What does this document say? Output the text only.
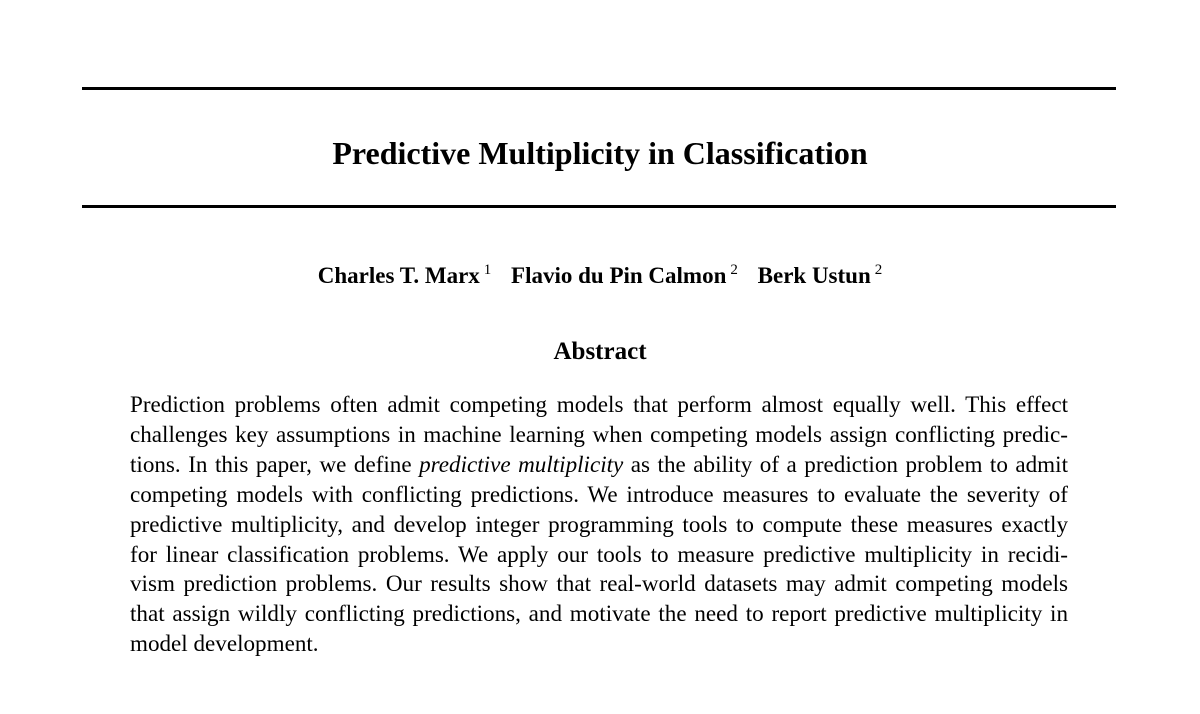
Predictive Multiplicity in Classification
Charles T. Marx $^1$ Flavio du Pin Calmon $^2$ Berk Ustun $^2$
Abstract
Prediction problems often admit competing models that perform almost equally well. This effect
challenges key assumptions in machine learning when competing models assign conflicting predic-
tions. In this paper, we define predictive multiplicity as the ability of a prediction problem to admit
competing models with conflicting predictions. We introduce measures to evaluate the severity of
predictive multiplicity, and develop integer programming tools to compute these measures exactly
for linear classification problems. We apply our tools to measure predictive multiplicity in recidi-
vism prediction problems. Our results show that real-world datasets may admit competing models
that assign wildly conflicting predictions, and motivate the need to report predictive multiplicity in
model development.
